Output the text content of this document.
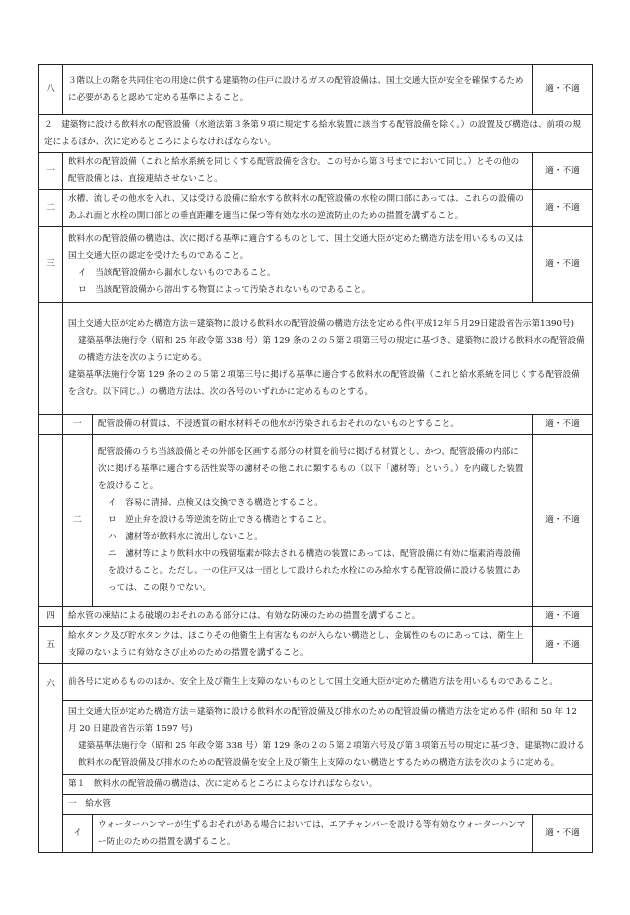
八	３階以上の階を共同住宅の用途に供する建築物の住戸に設けるガスの配管設備は、国土交通大臣が安全を確保するために必要があると認めて定める基準によること。		適・不適
２　建築物に設ける飲料水の配管設備（水道法第３条第９項に規定する給水装置に該当する配管設備を除く。）の設置及び構造は、前項の規定によるほか、次に定めるところによらなければならない。			
一	飲料水の配管設備（これと給水系統を同じくする配管設備を含む。この号から第３号までにおいて同じ。）とその他の配管設備とは、直接連結させないこと。		適・不適
二	水槽、流しその他水を入れ、又は受ける設備に給水する飲料水の配管設備の水栓の開口部にあっては、これらの設備のあふれ面と水栓の開口部との垂直距離を適当に保つ等有効な水の逆流防止のための措置を講ずること。		適・不適
三	飲料水の配管設備の構造は、次に掲げる基準に適合するものとして、国土交通大臣が定めた構造方法を用いるもの又は国土交通大臣の認定を受けたものであること。
イ　当該配管設備から漏水しないものであること。
ロ　当該配管設備から溶出する物質によって汚染されないものであること。		適・不適

	国土交通大臣が定めた構造方法＝建築物に設ける飲料水の配管設備の構造方法を定める件(平成12年５月29日建設省告示第1390号)
建築基準法施行令（昭和 25 年政令第 338 号）第 129 条の２の５第２項第三号の規定に基づき、建築物に設ける飲料水の配管設備の構造方法を次のように定める。
建築基準法施行令第 129 条の２の５第２項第三号に掲げる基準に適合する飲料水の配管設備（これと給水系統を同じくする配管設備を含む。以下同じ。）の構造方法は、次の各号のいずれかに定めるものとする。		

	一	配管設備の材質は、不浸透質の耐水材料その他水が汚染されるおそれのないものとすること。	適・不適
	二	配管設備のうち当該設備とその外部を区画する部分の材質を前号に掲げる材質とし、かつ、配管設備の内部に次に掲げる基準に適合する活性炭等の濾材その他これに類するもの（以下「濾材等」という。）を内蔵した装置を設けること。
イ　容易に清掃、点検又は交換できる構造とすること。
ロ　逆止弁を設ける等逆流を防止できる構造とすること。
ハ　濾材等が飲料水に流出しないこと。
ニ　濾材等により飲料水中の残留塩素が除去される構造の装置にあっては、配管設備に有効に塩素消毒設備を設けること。ただし、一の住戸又は一団として設けられた水栓にのみ給水する配管設備に設ける装置にあっては、この限りでない。	適・不適
四	給水管の凍結による破壊のおそれのある部分には、有効な防凍のための措置を講ずること。		適・不適
五	給水タンク及び貯水タンクは、ほこりその他衛生上有害なものが入らない構造とし、金属性のものにあっては、衛生上支障のないように有効なさび止めのための措置を講ずること。		適・不適
六	前各号に定めるもののほか、安全上及び衛生上支障のないものとして国土交通大臣が定めた構造方法を用いるものであること。		

	国土交通大臣が定めた構造方法＝建築物に設ける飲料水の配管設備及び排水のための配管設備の構造方法を定める件 (昭和 50 年 12 月 20 日建設省告示第 1597 号)
建築基準法施行令（昭和 25 年政令第 338 号）第 129 条の２の５第２項第六号及び第３項第五号の規定に基づき、建築物に設ける飲料水の配管設備及び排水のための配管設備を安全上及び衛生上支障のない構造とするための構造方法を次のように定める。		

	第１　飲料水の配管設備の構造は、次に定めるところによらなければならない。		
	一　給水管		
	イ	ウォーターハンマーが生ずるおそれがある場合においては、エアチャンバーを設ける等有効なウォーターハンマー防止のための措置を講ずること。	適・不適
